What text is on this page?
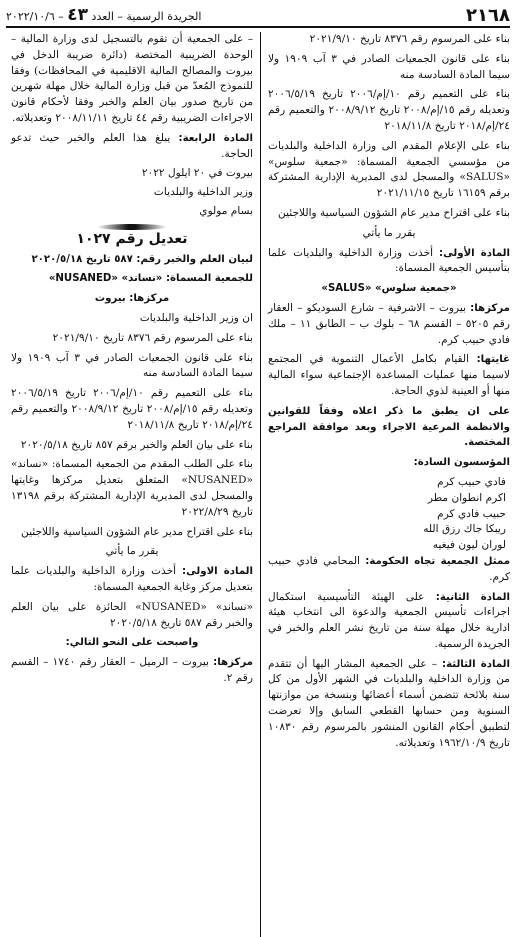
٢١٦٨
الجريدة الرسمية – العدد ٤٣ – ٢٠٢٢/١٠/٦

بناء على المرسوم رقم ٨٣٧٦ تاريخ ٢٠٢١/٩/١٠

بناء على قانون الجمعيات الصادر في ٣ آب ١٩٠٩ ولا سيما المادة السادسة منه

بناء على التعميم رقم ١٠/إم/٢٠٠٦ تاريخ ٢٠٠٦/٥/١٩ وتعديله رقم ١٥/إم/٢٠٠٨ تاريخ ٢٠٠٨/٩/١٢ والتعميم رقم ٢٤/إم/٢٠١٨ تاريخ ٢٠١٨/١١/٨

بناء على الإعلام المقدم الى وزارة الداخلية والبلديات من مؤسسي الجمعية المسماة: «جمعية سلوس» «SALUS» والمسجل لدى المديرية الإدارية المشتركة برقم ١٦١٥٩ تاريخ ٢٠٢١/١١/١٥

بناء على اقتراح مدير عام الشؤون السياسية واللاجئين

يقرر ما يأتي

المادة الأولى: أخذت وزارة الداخلية والبلديات علما بتأسيس الجمعية المسماة:

«جمعية سلوس» «SALUS»

مركزها: بيروت – الاشرفية – شارع السوديكو – العقار رقم ٥٢٠٥ – القسم ٦٨ – بلوك ب – الطابق ١١ – ملك فادي حبيب كرم.

غايتها: القيام بكامل الأعمال التنموية في المجتمع لاسيما منها عمليات المساعدة الإجتماعية سواء المالية منها أو العينية لذوي الحاجة.

على ان يطبق ما ذكر اعلاه وفقاً للقوانين والانظمة المرعية الاجراء وبعد موافقة المراجع المختصة.

المؤسسون السادة:

فادي حبيب كرم

اكرم انطوان مطر

حبيب فادي كرم

ريبكا جاك رزق الله

لوران ليون فيغيه

ممثل الجمعية تجاه الحكومة: المحامي فادي حبيب كرم.

المادة الثانية: على الهيئة التأسيسية استكمال اجراءات تأسيس الجمعية والدعوة الى انتخاب هيئة ادارية خلال مهلة سنة من تاريخ نشر العلم والخبر في الجريدة الرسمية.

المادة الثالثة: – على الجمعية المشار اليها أن تتقدم من وزارة الداخلية والبلديات في الشهر الأول من كل سنة بلائحة تتضمن أسماء أعضائها وبنسخة من موازنتها السنوية ومن حسابها القطعي السابق وإلا تعرضت لتطبيق أحكام القانون المنشور بالمرسوم رقم ١٠٨٣٠ تاريخ ١٩٦٢/١٠/٩ وتعديلاته.

– على الجمعية أن تقوم بالتسجيل لدى وزارة المالية – الوحدة الضريبية المختصة (دائرة ضريبة الدخل في بيروت والمصالح المالية الاقليمية في المحافظات) وفقا للنموذج المُعدّ من قبل وزارة المالية خلال مهلة شهرين من تاريخ صدور بيان العلم والخبر وفقا لأحكام قانون الاجراءات الضريبية رقم ٤٤ تاريخ ٢٠٠٨/١١/١١ وتعديلاته.

المادة الرابعة: يبلغ هذا العلم والخبر حيث تدعو الحاجة.

بيروت في ٢٠ ايلول ٢٠٢٢

وزير الداخلية والبلديات

بسام مولوي

تعديل رقم ١٠٢٧

لبيان العلم والخبر رقم: ٥٨٧ تاريخ ٢٠٢٠/٥/١٨

للجمعية المسماة: «نساند» «NUSANED»

مركزها: بيروت

ان وزير الداخلية والبلديات

بناء على المرسوم رقم ٨٣٧٦ تاريخ ٢٠٢١/٩/١٠

بناء على قانون الجمعيات الصادر في ٣ آب ١٩٠٩ ولا سيما المادة السادسة منه

بناء على التعميم رقم ١٠/إم/٢٠٠٦ تاريخ ٢٠٠٦/٥/١٩ وتعديله رقم ١٥/إم/٢٠٠٨ تاريخ ٢٠٠٨/٩/١٢ والتعميم رقم ٢٤/إم/٢٠١٨ تاريخ ٢٠١٨/١١/٨

بناء على بيان العلم والخبر برقم ٨٥٧ تاريخ ٢٠٢٠/٥/١٨

بناء على الطلب المقدم من الجمعية المسماة: «نساند» «NUSANED» المتعلق بتعديل مركزها وغايتها والمسجل لدى المديرية الإدارية المشتركة برقم ١٣١٩٨ تاريخ ٢٠٢٢/٨/٢٩

بناء على اقتراح مدير عام الشؤون السياسية واللاجئين

يقرر ما يأتي

المادة الاولى: أخذت وزارة الداخلية والبلديات علما بتعديل مركز وغاية الجمعية المسماة:

«نساند» «NUSANED» الحائزة على بيان العلم والخبر رقم ٥٨٧ تاريخ ٢٠٢٠/٥/١٨

واصبحت على النحو التالي:

مركزها: بيروت – الرميل – العقار رقم ١٧٤٠ – القسم رقم ٢.
